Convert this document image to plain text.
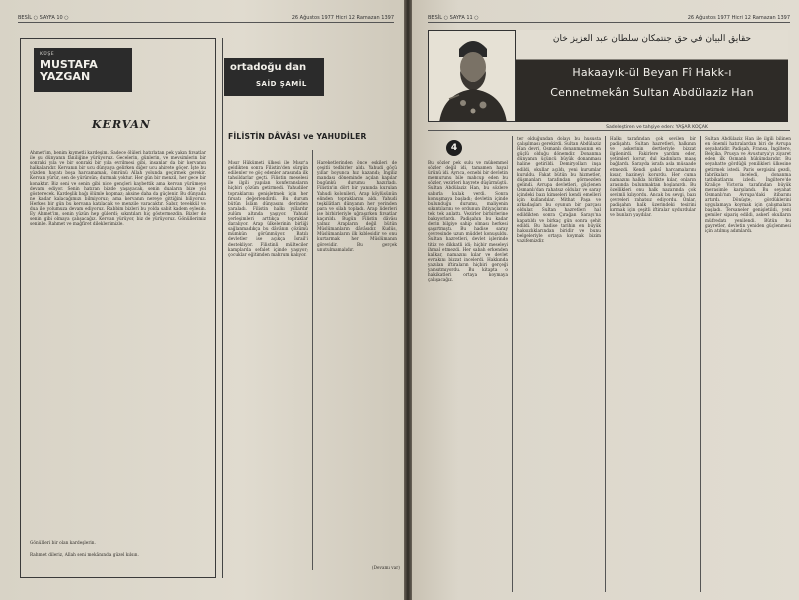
BESİL ○ SAYFA 10 ○	26 Ağustos 1977 Hicri 12 Ramazan 1397
KÜŞE
MUSTAFA
YAZGAN
KERVAN
Ahmet'im, benim kıymetli kardeşim. Sadece ölüleri hatırlatan pek yakın fırsatlar ile şu dünyanın fâniliğine yürüyoruz. Gecelerin, günlerin, ve mevsimlerin bir sonraki yıla ve bir sonraki bir yıla evrilmesi gibi, insanlar da bir kervanın halkalarıdır. Kervanın bir ucu dünyaya gelirken diğer ucu ahirete göçer. İşte bu yüzden hayatı boşa harcamamak, ömrünü Allah yolunda geçirmek gerekir. Kervan yürür, sen de yürürsün; durmak yoktur. Her gün bir menzil, her gece bir konaktır. Biz seni ve senin gibi nice gençleri kaybettik ama kervan yürümeye devam ediyor. Senin hatıran bizde yaşayacak, senin duaların bize yol gösterecek. Kardeşlik bağı ölümle kopmaz; aksine daha da güçlenir. Bu dünyada ne kadar kalacağımızı bilmiyoruz; ama kervanın nereye gittiğini biliyoruz. Herkes bir gün bu kervana katılacak ve menzile varacaktır. Sabır, tevekkül ve dua ile yolumuza devam ediyoruz. Rabbim bizleri bu yolda sabit kadem eylesin. Ey Ahmet'im, senin yüzün hep gülerdi; sıkıntıları hiç göstermezdin. Bizler de senin gibi olmaya çalışacağız. Kervan yürüyor, biz de yürüyoruz. Gönüllerimiz seninle. Rahmet ve mağfiret dileklerimizle.
Gönülleri bir olan kardeşlerin.
Rahmet dileriz, Allah seni mekânında güzel kılsın.
ortadoğu dan
SAİD ŞAMİL
FİLİSTİN DÂVÂSI ve YAHUDİLER
Mısır Hükümeti ülkesi ile Mısır'a geldikten sonra Filistin'den sürgün edilenler ve göç edenler arasında ilk tahsildarlar geçti. Filistin meselesi ile ilgili yapılan konferansların hiçbiri çözüm getirmedi. Yahudiler topraklarını genişletmek için her fırsatı değerlendirdi. Bu durum bütün İslâm dünyasını derinden yaraladı. Filistin halkı yıllardır zulüm altında yaşıyor. Yahudi yerleşimleri arttıkça topraklar daralıyor. Arap ülkelerinin birliği sağlanmadıkça bu dâvânın çözümü mümkün görünmüyor. Batılı devletler ise açıkça İsrail'i destekliyor. Filistinli mülteciler kamplarda sefalet içinde yaşıyor; çocuklar eğitimden mahrum kalıyor.
Hareketlerinden önce eskileri de çeşitli tedbirler aldı. Yahudi göçü yıllar boyunca hız kazandı; İngiliz mandası döneminde açılan kapılar bugünkü durumu hazırladı. Filistin'in dört bir yanında kurulan Yahudi kolonileri, Arap köylüsünün elinden topraklarını aldı. Yahudi teşkilâtları dünyanın her yerinden para ve silah topladı. Arap liderleri ise birbirleriyle uğraşırken fırsatlar kaçırıldı. Bugün Filistin dâvâsı yalnız Arapların değil bütün Müslümanların dâvâsıdır. Kudüs, Müslümanların ilk kıblesidir ve onu kurtarmak her Müslümanın görevidir. Bu gerçek unutulmamalıdır.
(Devamı var)
BESİL ○ SAYFA 11 ○	26 Ağustos 1977 Hicri 12 Ramazan 1397
حقايق البيان في حق جنتمكان سلطان عبد العزيز خان
Hakaayık-ül Beyan Fî Hakk-ı
Cennetmekân Sultan Abdülaziz Han
Sadeleştiren ve tahşiye eden: YAŞAR KOÇAK
4
Bu sözler pek sulu ve mükemmel sözler değil idi, tamamen hayal ürünü idi. Ayrıca, ecnebi bir devletin memurunu bile mahcup eden bu sözler, vezirleri hayrete düşürmüştü. Sultan Abdülaziz Han, bu sözlere sabırla kulak verdi. Sonra konuşmaya başladı; devletin içinde bulunduğu durumu, maliyenin sıkıntılarını ve ordunun ihtiyaçlarını tek tek anlattı. Vezirler birbirlerine bakıyorlardı. Padişahın bu kadar derin bilgiye sahip olması herkesi şaşırtmıştı. Bu hadise saray çevresinde uzun müddet konuşuldu. Sultan hazretleri, devlet işlerinde titiz ve dikkatli idi; hiçbir meseleyi ihmal etmezdi. Her sabah erkenden kalkar, namazını kılar ve devlet evrakını bizzat incelerdi. Hakkında yazılan iftiraların hiçbiri gerçeği yansıtmıyordu. Bu kitapta o hakikatleri ortaya koymaya çalışacağız.
ter olduğundan dolayı bu hususta çalışılması gerekirdi. Sultan Abdülaziz Han devri, Osmanlı donanmasının en güçlü olduğu dönemdir. Donanma dünyanın üçüncü büyük donanması haline getirildi. Demiryolları inşa edildi, okullar açıldı, yeni kurumlar kuruldu. Fakat bütün bu hizmetler, düşmanları tarafından görmezden gelindi. Avrupa devletleri, güçlenen Osmanlı'dan rahatsız oldular ve saray içindeki bazı kimseleri kendi emelleri için kullandılar. Mithat Paşa ve arkadaşları bu oyunun bir parçası oldular. Sultan hazretleri hal edildikten sonra Çırağan Sarayı'na kapatıldı ve birkaç gün sonra şehit edildi. Bu hadise tarihin en büyük haksızlıklarından biridir ve bunu belgeleriyle ortaya koymak bizim vazifemizdir.
Halkı tarafından çok sevilen bir padişahtı. Sultan hazretleri, halkının ve askerinin dertleriyle bizzat ilgilenirdi. Fakirlere yardım eder, yetimleri korur, dul kadınlara maaş bağlardı. Sarayda israfa asla müsaade etmezdi. Kendi şahsî harcamalarını kısar, hazineyi korurdu. Her cuma namazını halkla birlikte kılar, onların arasında bulunmaktan hoşlanırdı. Bu özellikleri onu halk nazarında çok sevimli kılıyordu. Ancak bu sevgi, bazı çevreleri rahatsız ediyordu. Onlar, padişahın halk üzerindeki tesirini kırmak için çeşitli iftiralar uydurdular ve bunları yaydılar.
Sultan Abdülaziz Han ile ilgili bilinen en önemli hatıralardan biri de Avrupa seyahatidir. Padişah, Fransa, İngiltere, Belçika, Prusya ve Avusturya'yı ziyaret eden ilk Osmanlı hükümdarıdır. Bu seyahatte gördüğü yenilikleri ülkesine getirmek istedi. Paris sergisini gezdi, fabrikaları inceledi, donanma tatbikatlarını izledi. İngiltere'de Kraliçe Victoria tarafından büyük merasimle karşılandı. Bu seyahat Osmanlı'nın Avrupa'daki itibarını artırdı. Dönüşte, gördüklerini uygulamaya koymak için çalışmalara başladı. Tersaneler genişletildi, yeni gemiler sipariş edildi, askerî okulların müfredatı yenilendi. Bütün bu gayretler, devletin yeniden güçlenmesi için atılmış adımlardı.
